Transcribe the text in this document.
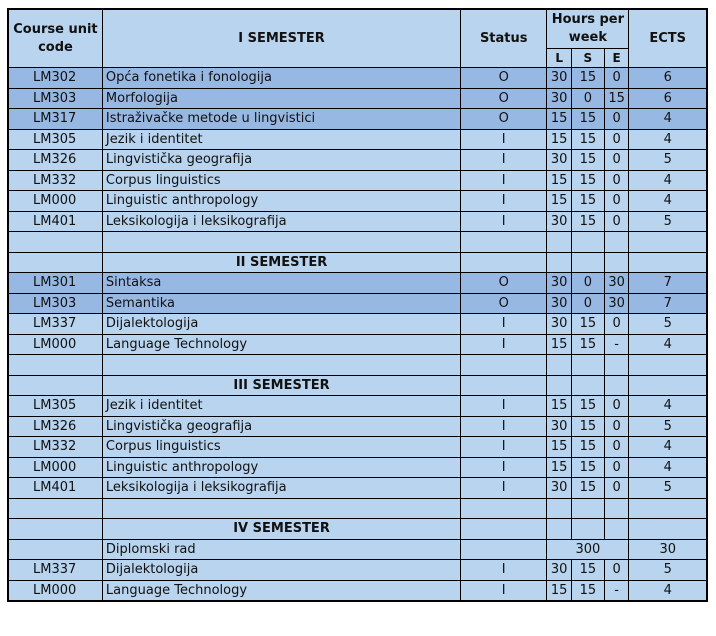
Course unit code	I SEMESTER	Status	Hours per week			ECTS
			L	S	E	
LM302	Opća fonetika i fonologija	O	30	15	0	6
LM303	Morfologija	O	30	0	15	6
LM317	Istraživačke metode u lingvistici	O	15	15	0	4
LM305	Jezik i identitet	I	15	15	0	4
LM326	Lingvistička geografija	I	30	15	0	5
LM332	Corpus linguistics	I	15	15	0	4
LM000	Linguistic anthropology	I	15	15	0	4
LM401	Leksikologija i leksikografija	I	30	15	0	5

	II SEMESTER					
LM301	Sintaksa	O	30	0	30	7
LM303	Semantika	O	30	0	30	7
LM337	Dijalektologija	I	30	15	0	5
LM000	Language Technology	I	15	15	-	4

	III SEMESTER					
LM305	Jezik i identitet	I	15	15	0	4
LM326	Lingvistička geografija	I	30	15	0	5
LM332	Corpus linguistics	I	15	15	0	4
LM000	Linguistic anthropology	I	15	15	0	4
LM401	Leksikologija i leksikografija	I	30	15	0	5

	IV SEMESTER					
	Diplomski rad		300			30
LM337	Dijalektologija	I	30	15	0	5
LM000	Language Technology	I	15	15	-	4
